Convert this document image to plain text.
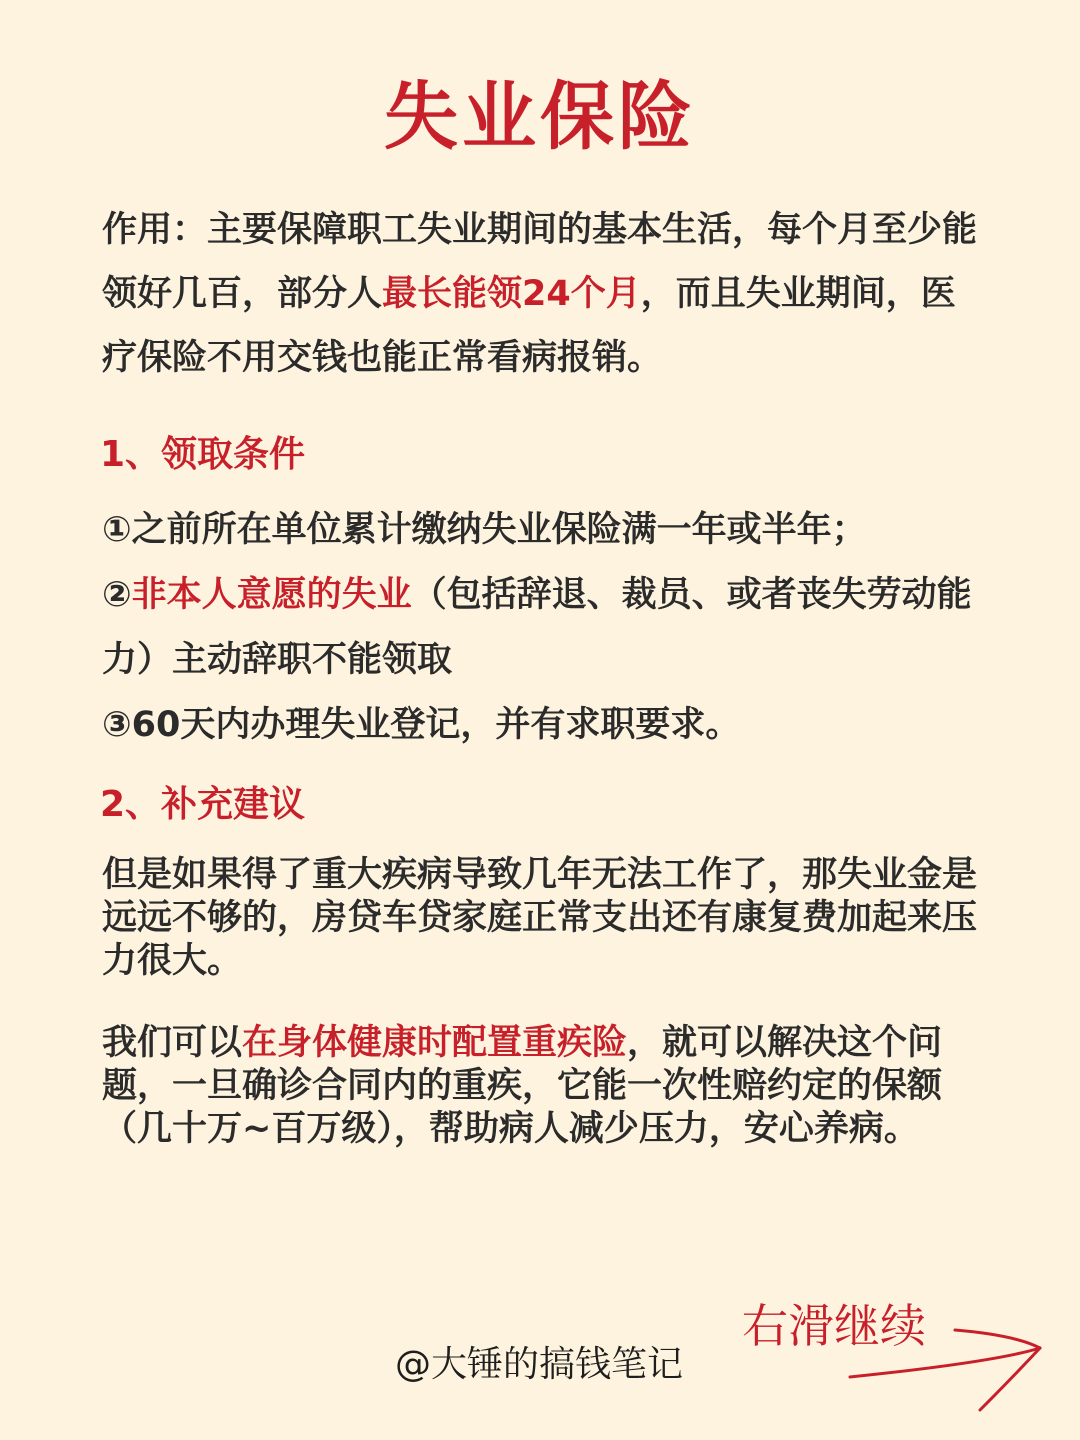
失业保险
作用：主要保障职工失业期间的基本生活，每个月至少能领好几百，部分人最长能领24个月，而且失业期间，医疗保险不用交钱也能正常看病报销。
1、领取条件

①之前所在单位累计缴纳失业保险满一年或半年；

②非本人意愿的失业（包括辞退、裁员、或者丧失劳动能力）主动辞职不能领取

③60天内办理失业登记，并有求职要求。

2、补充建议
但是如果得了重大疾病导致几年无法工作了，那失业金是远远不够的，房贷车贷家庭正常支出还有康复费加起来压力很大。
我们可以在身体健康时配置重疾险，就可以解决这个问题，一旦确诊合同内的重疾，它能一次性赔约定的保额（几十万~百万级），帮助病人减少压力，安心养病。
@大锤的搞钱笔记
右滑继续
